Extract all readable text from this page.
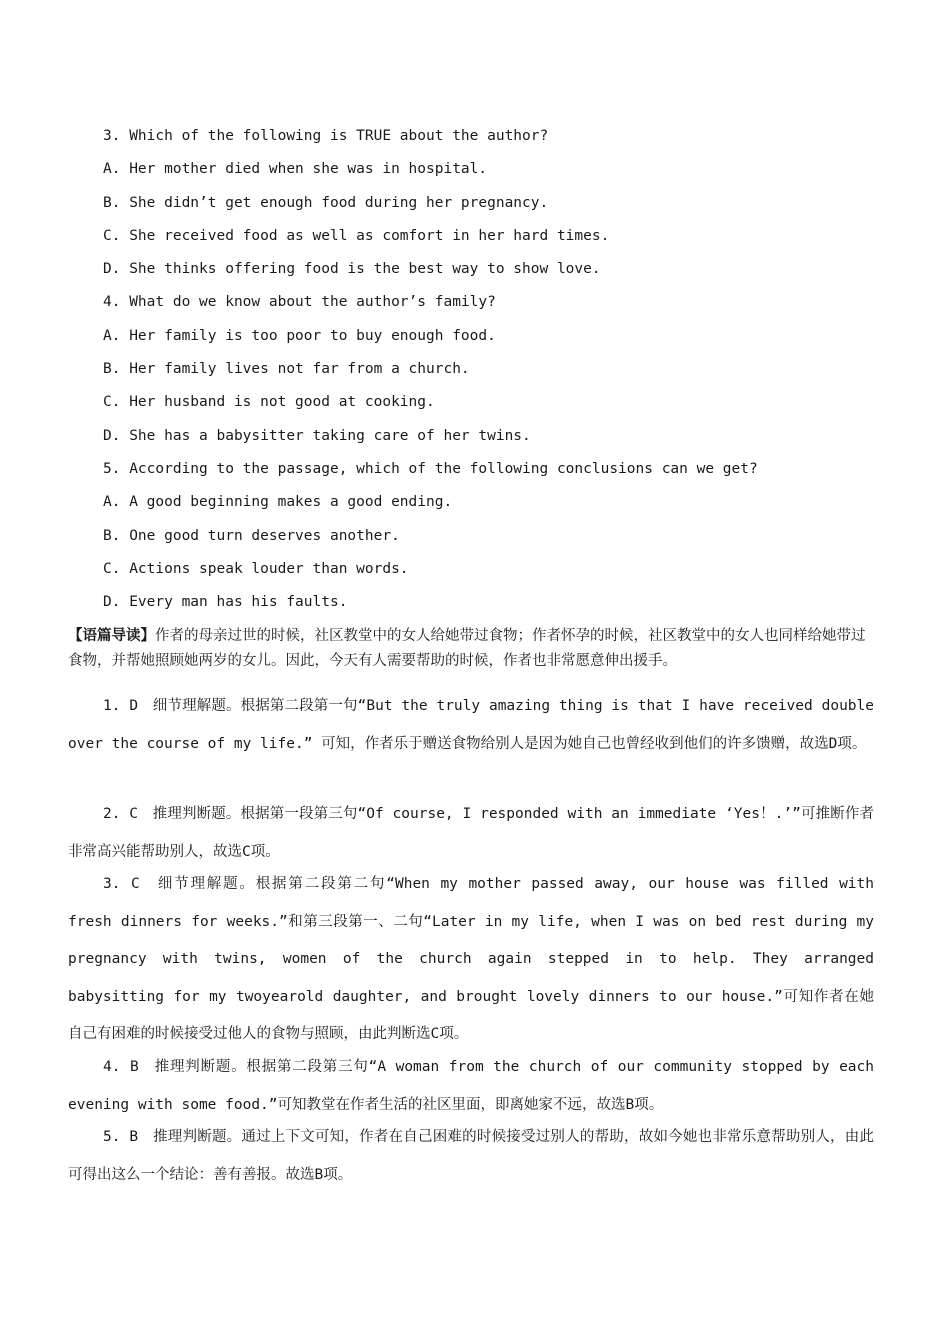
3. Which of the following is TRUE about the author?
A. Her mother died when she was in hospital.
B. She didn’t get enough food during her pregnancy.
C. She received food as well as comfort in her hard times.
D. She thinks offering food is the best way to show love.
4. What do we know about the author’s family?
A. Her family is too poor to buy enough food.
B. Her family lives not far from a church.
C. Her husband is not good at cooking.
D. She has a babysitter taking care of her twins.
5. According to the passage, which of the following conclusions can we get?
A. A good beginning makes a good ending.
B. One good turn deserves another.
C. Actions speak louder than words.
D. Every man has his faults.
【语篇导读】作者的母亲过世的时候，社区教堂中的女人给她带过食物；作者怀孕的时候，社区教堂中的女人也同样给她带过食物，并帮她照顾她两岁的女儿。因此，今天有人需要帮助的时候，作者也非常愿意伸出援手。

1. D　细节理解题。根据第二段第一句“But the truly amazing thing is that I have received double over the course of my life.” 可知，作者乐于赠送食物给别人是因为她自己也曾经收到他们的许多馈赠，故选D项。

2. C　推理判断题。根据第一段第三句“Of course, I responded with an immediate ‘Yes！.’”可推断作者非常高兴能帮助别人，故选C项。

3. C　细节理解题。根据第二段第二句“When my mother passed away, our house was filled with fresh dinners for weeks.”和第三段第一、二句“Later in my life, when I was on bed rest during my pregnancy with twins, women of the church again stepped in to help. They arranged babysitting for my twoyearold daughter, and brought lovely dinners to our house.”可知作者在她自己有困难的时候接受过他人的食物与照顾，由此判断选C项。

4. B　推理判断题。根据第二段第三句“A woman from the church of our community stopped by each evening with some food.”可知教堂在作者生活的社区里面，即离她家不远，故选B项。

5. B　推理判断题。通过上下文可知，作者在自己困难的时候接受过别人的帮助，故如今她也非常乐意帮助别人，由此可得出这么一个结论：善有善报。故选B项。
